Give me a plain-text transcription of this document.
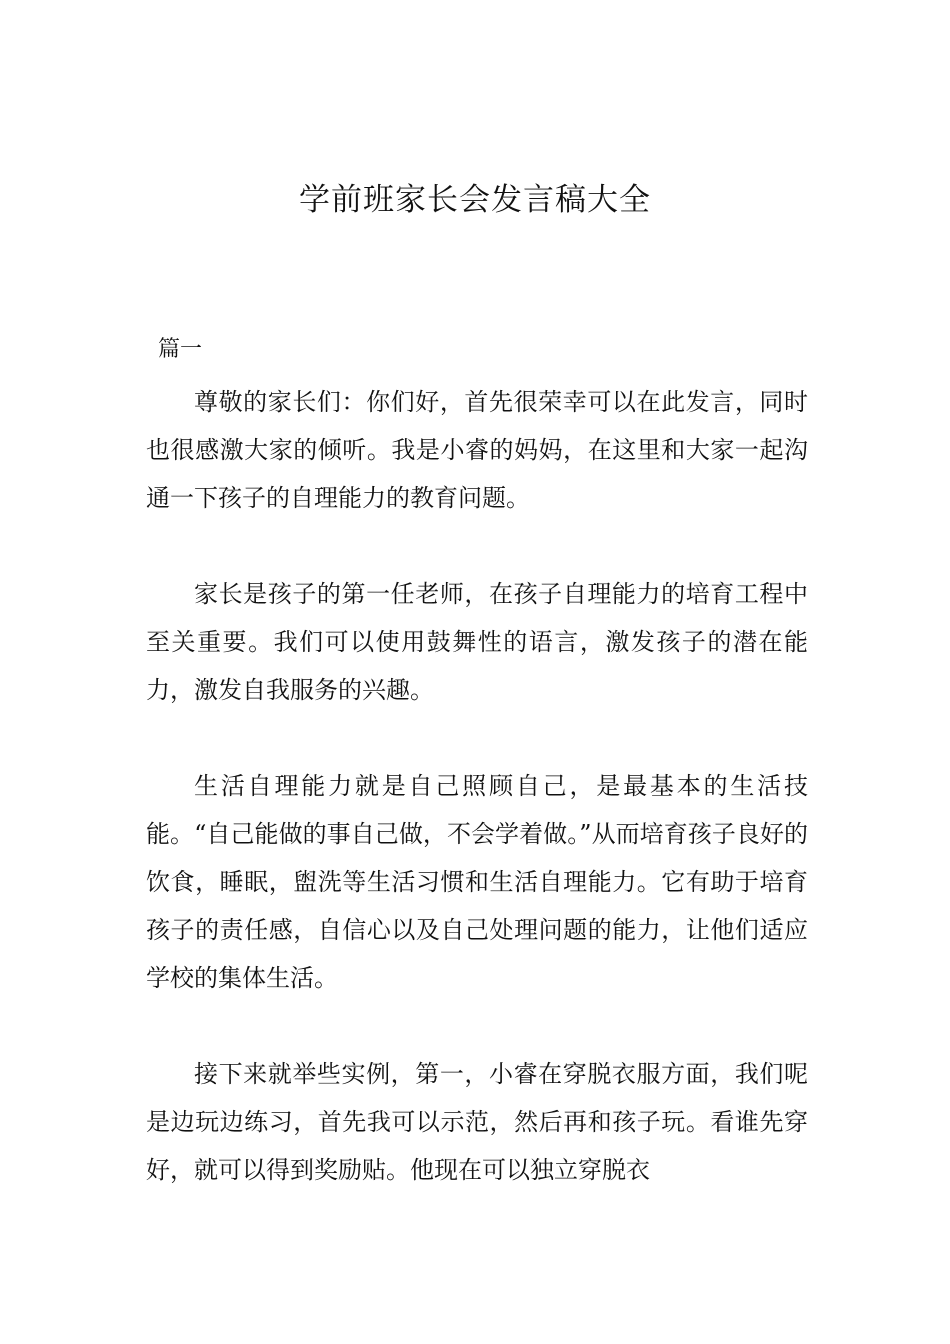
学前班家长会发言稿大全
篇一

尊敬的家长们：你们好，首先很荣幸可以在此发言，同时也很感激大家的倾听。我是小睿的妈妈，在这里和大家一起沟通一下孩子的自理能力的教育问题。

家长是孩子的第一任老师，在孩子自理能力的培育工程中至关重要。我们可以使用鼓舞性的语言，激发孩子的潜在能力，激发自我服务的兴趣。

生活自理能力就是自己照顾自己，是最基本的生活技能。“自己能做的事自己做，不会学着做。”从而培育孩子良好的饮食，睡眠，盥洗等生活习惯和生活自理能力。它有助于培育孩子的责任感，自信心以及自己处理问题的能力，让他们适应学校的集体生活。

接下来就举些实例，第一，小睿在穿脱衣服方面，我们呢是边玩边练习，首先我可以示范，然后再和孩子玩。看谁先穿好，就可以得到奖励贴。他现在可以独立穿脱衣
